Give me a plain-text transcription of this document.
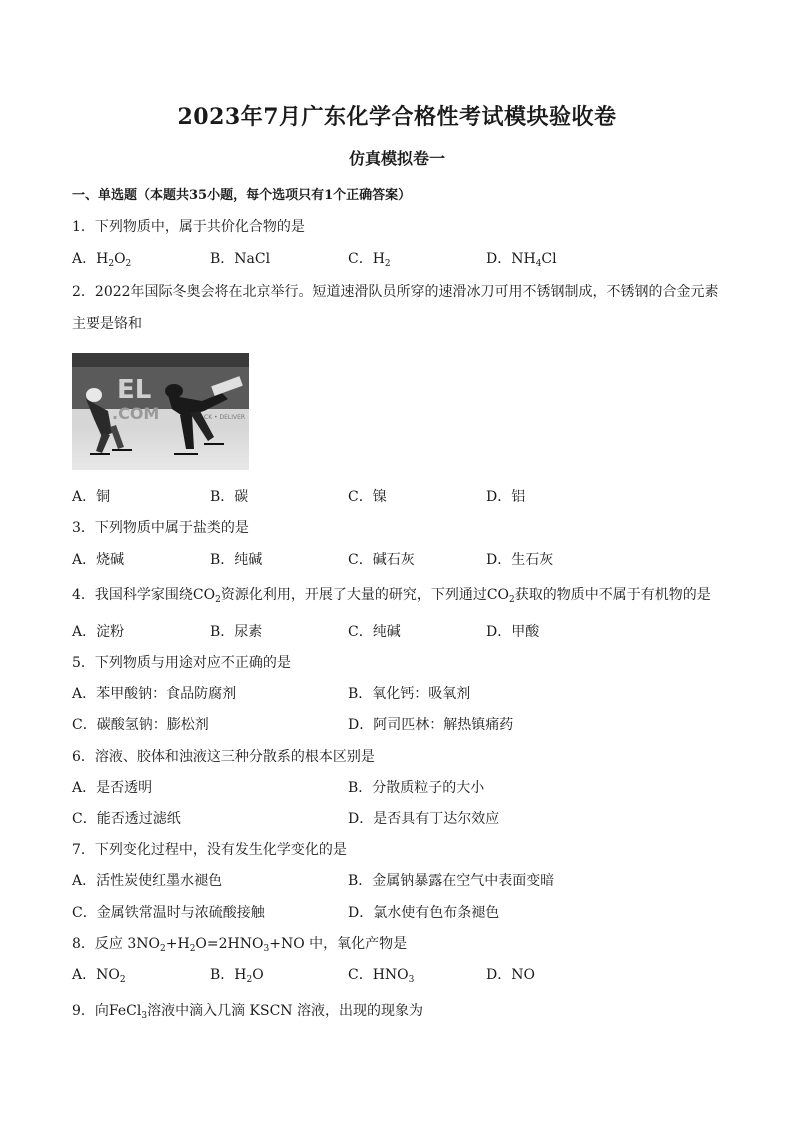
2023年7月广东化学合格性考试模块验收卷
仿真模拟卷一
一、单选题（本题共35小题，每个选项只有1个正确答案）
1．下列物质中，属于共价化合物的是
A．$H_2O_2$	B．NaCl	C．$H_2$	D．$NH_4Cl$
2．2022年国际冬奥会将在北京举行。短道速滑队员所穿的速滑冰刀可用不锈钢制成，不锈钢的合金元素主要是铬和
EL
.COM	CK • DELIVER
A．铜	B．碳	C．镍	D．铝
3．下列物质中属于盐类的是
A．烧碱	B．纯碱	C．碱石灰	D．生石灰
4．我国科学家围绕$CO_2$资源化利用，开展了大量的研究，下列通过$CO_2$获取的物质中不属于有机物的是
A．淀粉	B．尿素	C．纯碱	D．甲酸
5．下列物质与用途对应不正确的是
A．苯甲酸钠：食品防腐剂	B．氧化钙：吸氧剂
C．碳酸氢钠：膨松剂	D．阿司匹林：解热镇痛药
6．溶液、胶体和浊液这三种分散系的根本区别是
A．是否透明	B．分散质粒子的大小
C．能否透过滤纸	D．是否具有丁达尔效应
7．下列变化过程中，没有发生化学变化的是
A．活性炭使红墨水褪色	B．金属钠暴露在空气中表面变暗
C．金属铁常温时与浓硫酸接触	D．氯水使有色布条褪色
8．反应 $3NO_2+H_2O=2HNO_3+NO$ 中，氧化产物是
A．$NO_2$	B．$H_2O$	C．$HNO_3$	D．NO
9．向FeCl$_3$溶液中滴入几滴 KSCN 溶液，出现的现象为
